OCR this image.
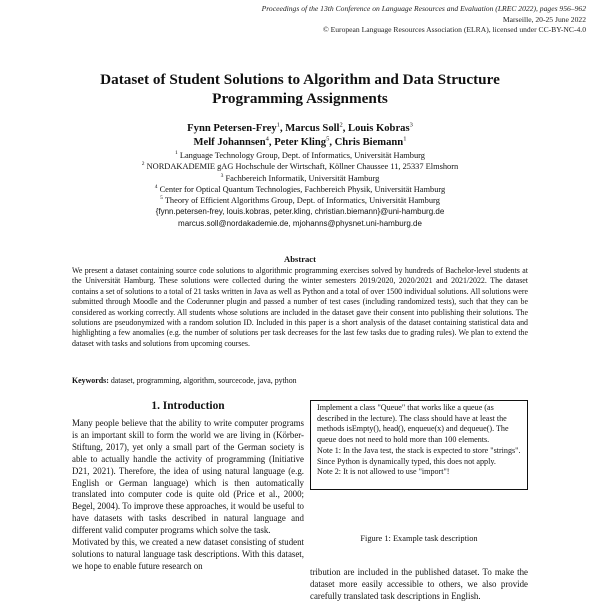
Proceedings of the 13th Conference on Language Resources and Evaluation (LREC 2022), pages 956–962
Marseille, 20-25 June 2022
© European Language Resources Association (ELRA), licensed under CC-BY-NC-4.0
Dataset of Student Solutions to Algorithm and Data Structure
Programming Assignments
Fynn Petersen-Frey$^1$, Marcus Soll$^2$, Louis Kobras$^3$
Melf Johannsen$^4$, Peter Kling$^5$, Chris Biemann$^1$
$^1$ Language Technology Group, Dept. of Informatics, Universität Hamburg
$^2$ NORDAKADEMIE gAG Hochschule der Wirtschaft, Köllner Chaussee 11, 25337 Elmshorn
$^3$ Fachbereich Informatik, Universität Hamburg
$^4$ Center for Optical Quantum Technologies, Fachbereich Physik, Universität Hamburg
$^5$ Theory of Efficient Algorithms Group, Dept. of Informatics, Universität Hamburg
{fynn.petersen-frey, louis.kobras, peter.kling, christian.biemann}@uni-hamburg.de
marcus.soll@nordakademie.de, mjohanns@physnet.uni-hamburg.de
Abstract
We present a dataset containing source code solutions to algorithmic programming exercises solved by hundreds of Bachelor-level students at the Universität Hamburg. These solutions were collected during the winter semesters 2019/2020, 2020/2021 and 2021/2022. The dataset contains a set of solutions to a total of 21 tasks written in Java as well as Python and a total of over 1500 individual solutions. All solutions were submitted through Moodle and the Coderunner plugin and passed a number of test cases (including randomized tests), such that they can be considered as working correctly. All students whose solutions are included in the dataset gave their consent into publishing their solutions. The solutions are pseudonymized with a random solution ID. Included in this paper is a short analysis of the dataset containing statistical data and highlighting a few anomalies (e.g. the number of solutions per task decreases for the last few tasks due to grading rules). We plan to extend the dataset with tasks and solutions from upcoming courses.
Keywords: dataset, programming, algorithm, sourcecode, java, python
1. Introduction

Many people believe that the ability to write computer programs is an important skill to form the world we are living in (Körber-Stiftung, 2017), yet only a small part of the German society is able to actually handle the activity of programming (Initiative D21, 2021). Therefore, the idea of using natural language (e.g. English or German language) which is then automatically translated into computer code is quite old (Price et al., 2000; Begel, 2004). To improve these approaches, it would be useful to have datasets with tasks described in natural language and different valid computer programs which solve the task.

Motivated by this, we created a new dataset consisting of student solutions to natural language task descriptions. With this dataset, we hope to enable future research on

Implement a class "Queue" that works like a queue (as described in the lecture). The class should have at least the methods isEmpty(), head(), enqueue(x) and dequeue(). The queue does not need to hold more than 100 elements.
Note 1: In the Java test, the stack is expected to store "strings". Since Python is dynamically typed, this does not apply.
Note 2: It is not allowed to use "import"!
Figure 1: Example task description
tribution are included in the published dataset. To make the dataset more easily accessible to others, we also provide carefully translated task descriptions in English.
